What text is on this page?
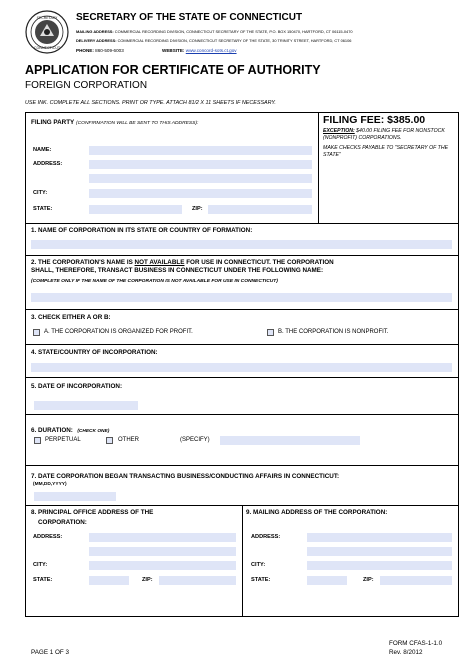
SECRETARY
CONNECTICUT
SECRETARY OF THE STATE OF CONNECTICUT
MAILING ADDRESS: COMMERCIAL RECORDING DIVISION, CONNECTICUT SECRETARY OF THE STATE, P.O. BOX 150470, HARTFORD, CT 06115-0470
DELIVERY ADDRESS: COMMERCIAL RECORDING DIVISION, CONNECTICUT SECRETARY OF THE STATE, 30 TRINITY STREET, HARTFORD, CT 06106
PHONE: 860-509-6003	WEBSITE: www.concord-sots.ct.gov
APPLICATION FOR CERTIFICATE OF AUTHORITY
FOREIGN CORPORATION
USE INK. COMPLETE ALL SECTIONS. PRINT OR TYPE. ATTACH 81/2 X 11 SHEETS IF NECESSARY.
FILING PARTY (CONFIRMATION WILL BE SENT TO THIS ADDRESS):
NAME:
ADDRESS:
CITY:
STATE:	ZIP:
FILING FEE: $385.00
EXCEPTION: $40.00 FILING FEE FOR NONSTOCK (NONPROFIT) CORPORATIONS.
MAKE CHECKS PAYABLE TO "SECRETARY OF THE STATE"
1. NAME OF CORPORATION IN ITS STATE OR COUNTRY OF FORMATION:
2. THE CORPORATION'S NAME IS NOT AVAILABLE FOR USE IN CONNECTICUT. THE CORPORATION
SHALL, THEREFORE, TRANSACT BUSINESS IN CONNECTICUT UNDER THE FOLLOWING NAME:
(COMPLETE ONLY IF THE NAME OF THE CORPORATION IS NOT AVAILABLE FOR USE IN CONNECTICUT)
3. CHECK EITHER A OR B:
A. THE CORPORATION IS ORGANIZED FOR PROFIT.	B. THE CORPORATION IS NONPROFIT.
4. STATE/COUNTRY OF INCORPORATION:
5. DATE OF INCORPORATION:
6. DURATION: (CHECK ONE)
PERPETUAL	OTHER	(SPECIFY)
7. DATE CORPORATION BEGAN TRANSACTING BUSINESS/CONDUCTING AFFAIRS IN CONNECTICUT:
(MM,DD,YYYY)
8. PRINCIPAL OFFICE ADDRESS OF THE
CORPORATION:
ADDRESS:
CITY:
STATE:	ZIP:
9. MAILING ADDRESS OF THE CORPORATION:
ADDRESS:
CITY:
STATE:	ZIP:
PAGE 1 OF 3
FORM CFAS-1-1.0
Rev. 8/2012
